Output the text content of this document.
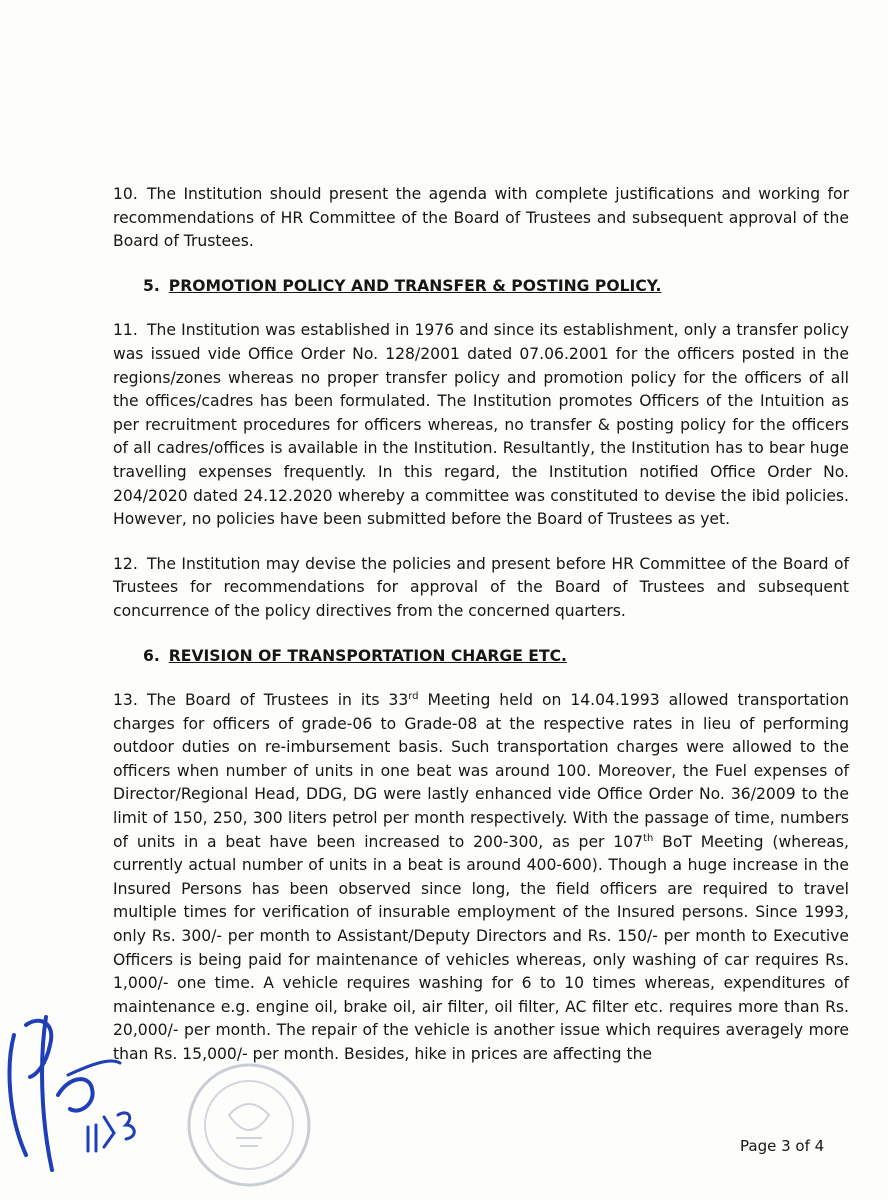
10. The Institution should present the agenda with complete justifications and working for recommendations of HR Committee of the Board of Trustees and subsequent approval of the Board of Trustees.

5. PROMOTION POLICY AND TRANSFER & POSTING POLICY.

11. The Institution was established in 1976 and since its establishment, only a transfer policy was issued vide Office Order No. 128/2001 dated 07.06.2001 for the officers posted in the regions/zones whereas no proper transfer policy and promotion policy for the officers of all the offices/cadres has been formulated. The Institution promotes Officers of the Intuition as per recruitment procedures for officers whereas, no transfer & posting policy for the officers of all cadres/offices is available in the Institution. Resultantly, the Institution has to bear huge travelling expenses frequently. In this regard, the Institution notified Office Order No. 204/2020 dated 24.12.2020 whereby a committee was constituted to devise the ibid policies. However, no policies have been submitted before the Board of Trustees as yet.

12. The Institution may devise the policies and present before HR Committee of the Board of Trustees for recommendations for approval of the Board of Trustees and subsequent concurrence of the policy directives from the concerned quarters.

6. REVISION OF TRANSPORTATION CHARGE ETC.

13. The Board of Trustees in its 33rd Meeting held on 14.04.1993 allowed transportation charges for officers of grade-06 to Grade-08 at the respective rates in lieu of performing outdoor duties on re-imbursement basis. Such transportation charges were allowed to the officers when number of units in one beat was around 100. Moreover, the Fuel expenses of Director/Regional Head, DDG, DG were lastly enhanced vide Office Order No. 36/2009 to the limit of 150, 250, 300 liters petrol per month respectively. With the passage of time, numbers of units in a beat have been increased to 200-300, as per 107th BoT Meeting (whereas, currently actual number of units in a beat is around 400-600). Though a huge increase in the Insured Persons has been observed since long, the field officers are required to travel multiple times for verification of insurable employment of the Insured persons. Since 1993, only Rs. 300/- per month to Assistant/Deputy Directors and Rs. 150/- per month to Executive Officers is being paid for maintenance of vehicles whereas, only washing of car requires Rs. 1,000/- one time. A vehicle requires washing for 6 to 10 times whereas, expenditures of maintenance e.g. engine oil, brake oil, air filter, oil filter, AC filter etc. requires more than Rs. 20,000/- per month. The repair of the vehicle is another issue which requires averagely more than Rs. 15,000/- per month. Besides, hike in prices are affecting the

Page 3 of 4
